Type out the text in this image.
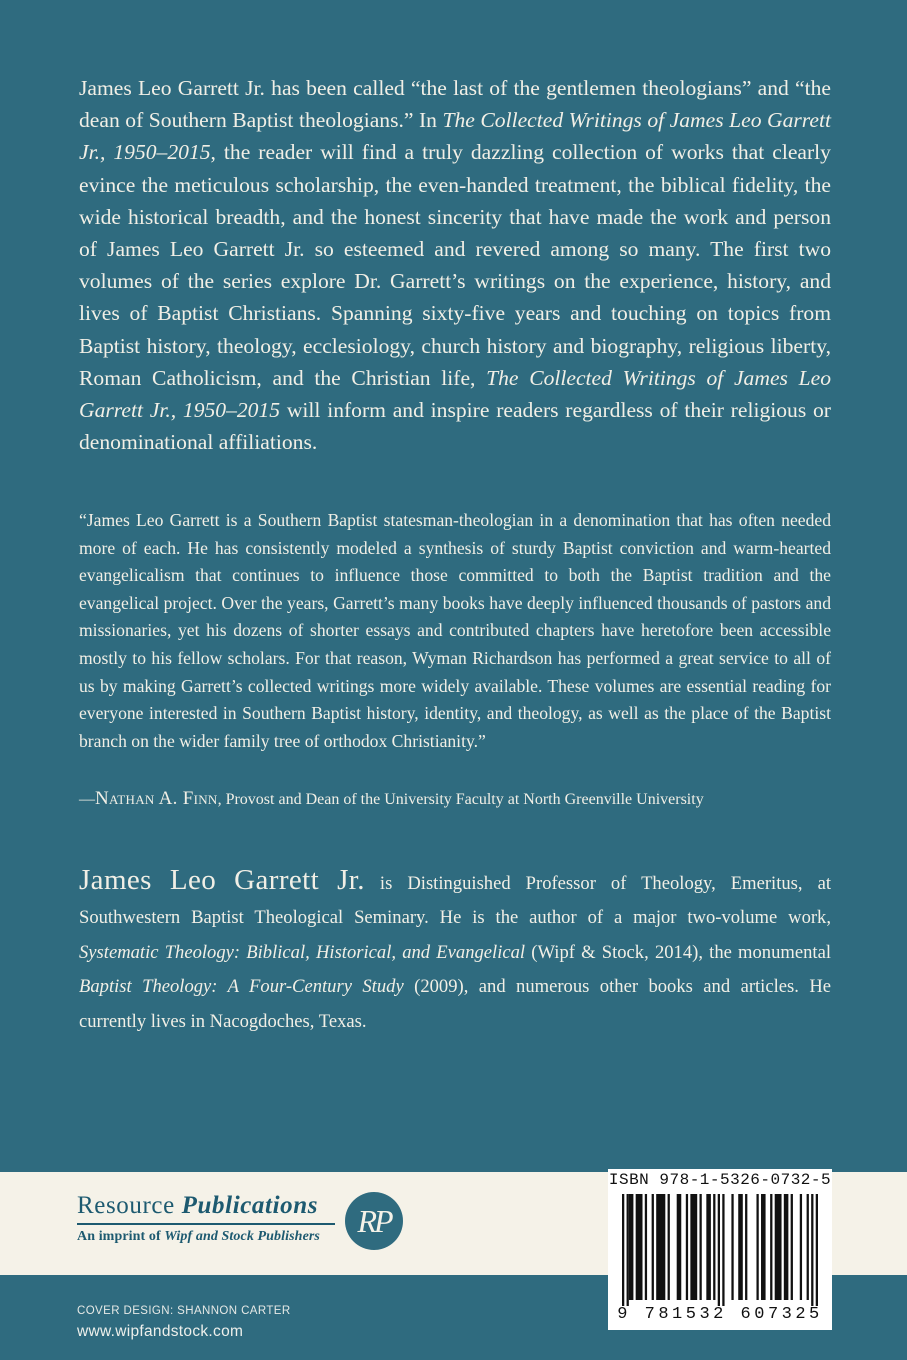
James Leo Garrett Jr. has been called “the last of the gentlemen theologians” and “the dean of Southern Baptist theologians.” In The Collected Writings of James Leo Garrett Jr., 1950–2015, the reader will find a truly dazzling collection of works that clearly evince the meticulous scholarship, the even-handed treatment, the biblical fidelity, the wide historical breadth, and the honest sincerity that have made the work and person of James Leo Garrett Jr. so esteemed and revered among so many. The first two volumes of the series explore Dr. Garrett’s writings on the experience, history, and lives of Baptist Christians. Spanning sixty-five years and touching on topics from Baptist history, theology, ecclesiology, church history and biography, religious liberty, Roman Catholicism, and the Christian life, The Collected Writings of James Leo Garrett Jr., 1950–2015 will inform and inspire readers regardless of their religious or denominational affiliations.

“James Leo Garrett is a Southern Baptist statesman-theologian in a denomination that has often needed more of each. He has consistently modeled a synthesis of sturdy Baptist conviction and warm-hearted evangelicalism that continues to influence those committed to both the Baptist tradition and the evangelical project. Over the years, Garrett’s many books have deeply influenced thousands of pastors and missionaries, yet his dozens of shorter essays and contributed chapters have heretofore been accessible mostly to his fellow scholars. For that reason, Wyman Richardson has performed a great service to all of us by making Garrett’s collected writings more widely available. These volumes are essential reading for everyone interested in Southern Baptist history, identity, and theology, as well as the place of the Baptist branch on the wider family tree of orthodox Christianity.”

—Nathan A. Finn, Provost and Dean of the University Faculty at North Greenville University

James Leo Garrett Jr. is Distinguished Professor of Theology, Emeritus, at Southwestern Baptist Theological Seminary. He is the author of a major two-volume work, Systematic Theology: Biblical, Historical, and Evangelical (Wipf & Stock, 2014), the monumental Baptist Theology: A Four-Century Study (2009), and numerous other books and articles. He currently lives in Nacogdoches, Texas.

Resource Publications
An imprint of Wipf and Stock Publishers	RP
ISBN 978-1-5326-0732-5
9 781532 607325
COVER DESIGN: SHANNON CARTER
www.wipfandstock.com
